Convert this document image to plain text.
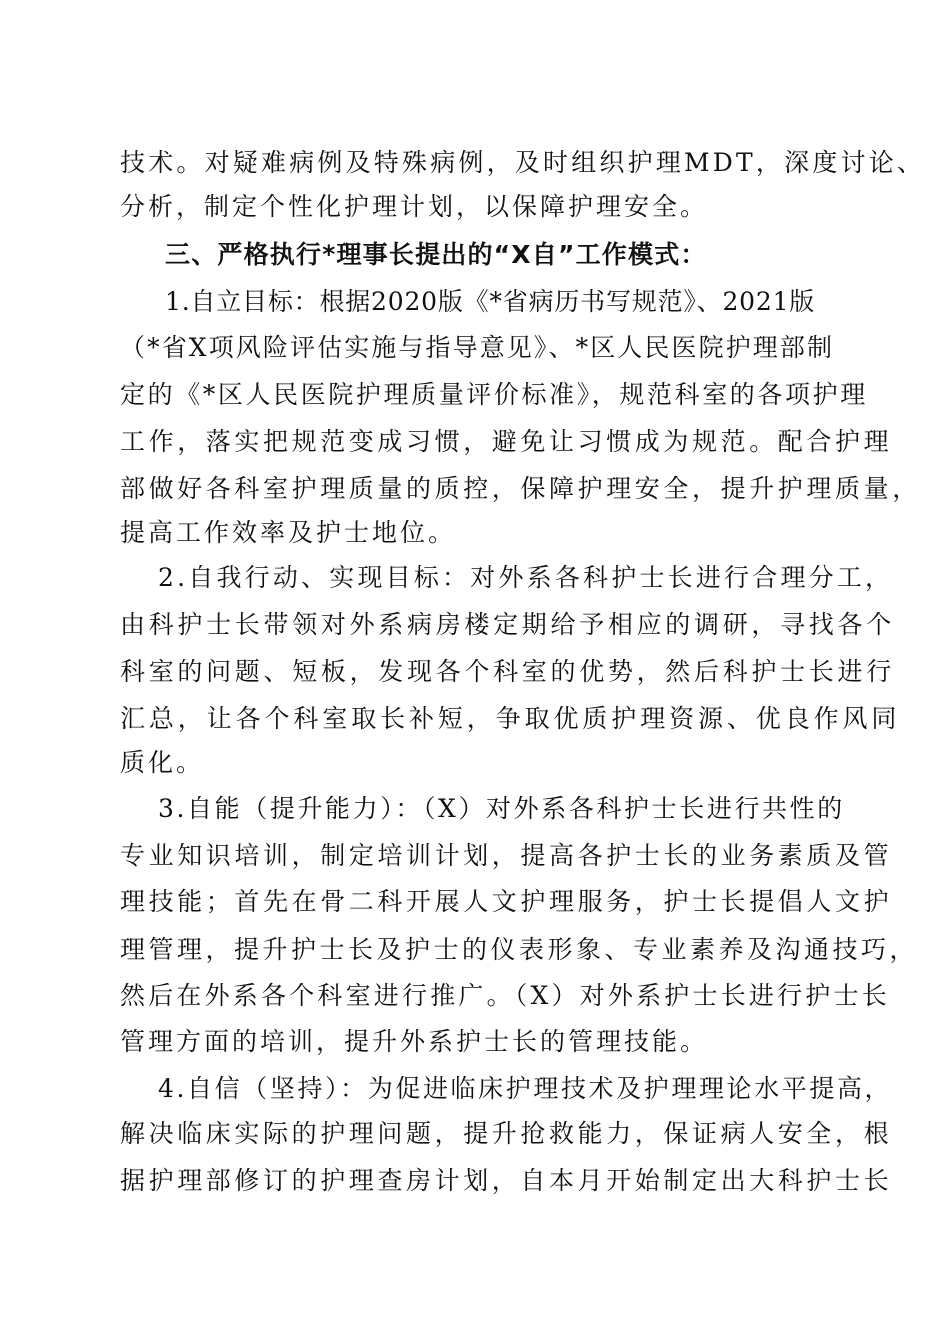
技术。对疑难病例及特殊病例，及时组织护理MDT，深度讨论、
分析，制定个性化护理计划，以保障护理安全。
三、严格执行*理事长提出的“X自”工作模式：
1.自立目标：根据2020版《*省病历书写规范》、2021版
（*省X项风险评估实施与指导意见》、*区人民医院护理部制
定的《*区人民医院护理质量评价标准》，规范科室的各项护理
工作，落实把规范变成习惯，避免让习惯成为规范。配合护理
部做好各科室护理质量的质控，保障护理安全，提升护理质量，
提高工作效率及护士地位。
2.自我行动、实现目标：对外系各科护士长进行合理分工，
由科护士长带领对外系病房楼定期给予相应的调研，寻找各个
科室的问题、短板，发现各个科室的优势，然后科护士长进行
汇总，让各个科室取长补短，争取优质护理资源、优良作风同
质化。
3.自能（提升能力）：（X）对外系各科护士长进行共性的
专业知识培训，制定培训计划，提高各护士长的业务素质及管
理技能；首先在骨二科开展人文护理服务，护士长提倡人文护
理管理，提升护士长及护士的仪表形象、专业素养及沟通技巧，
然后在外系各个科室进行推广。（X）对外系护士长进行护士长
管理方面的培训，提升外系护士长的管理技能。
4.自信（坚持）：为促进临床护理技术及护理理论水平提高，
解决临床实际的护理问题，提升抢救能力，保证病人安全，根
据护理部修订的护理查房计划，自本月开始制定出大科护士长
